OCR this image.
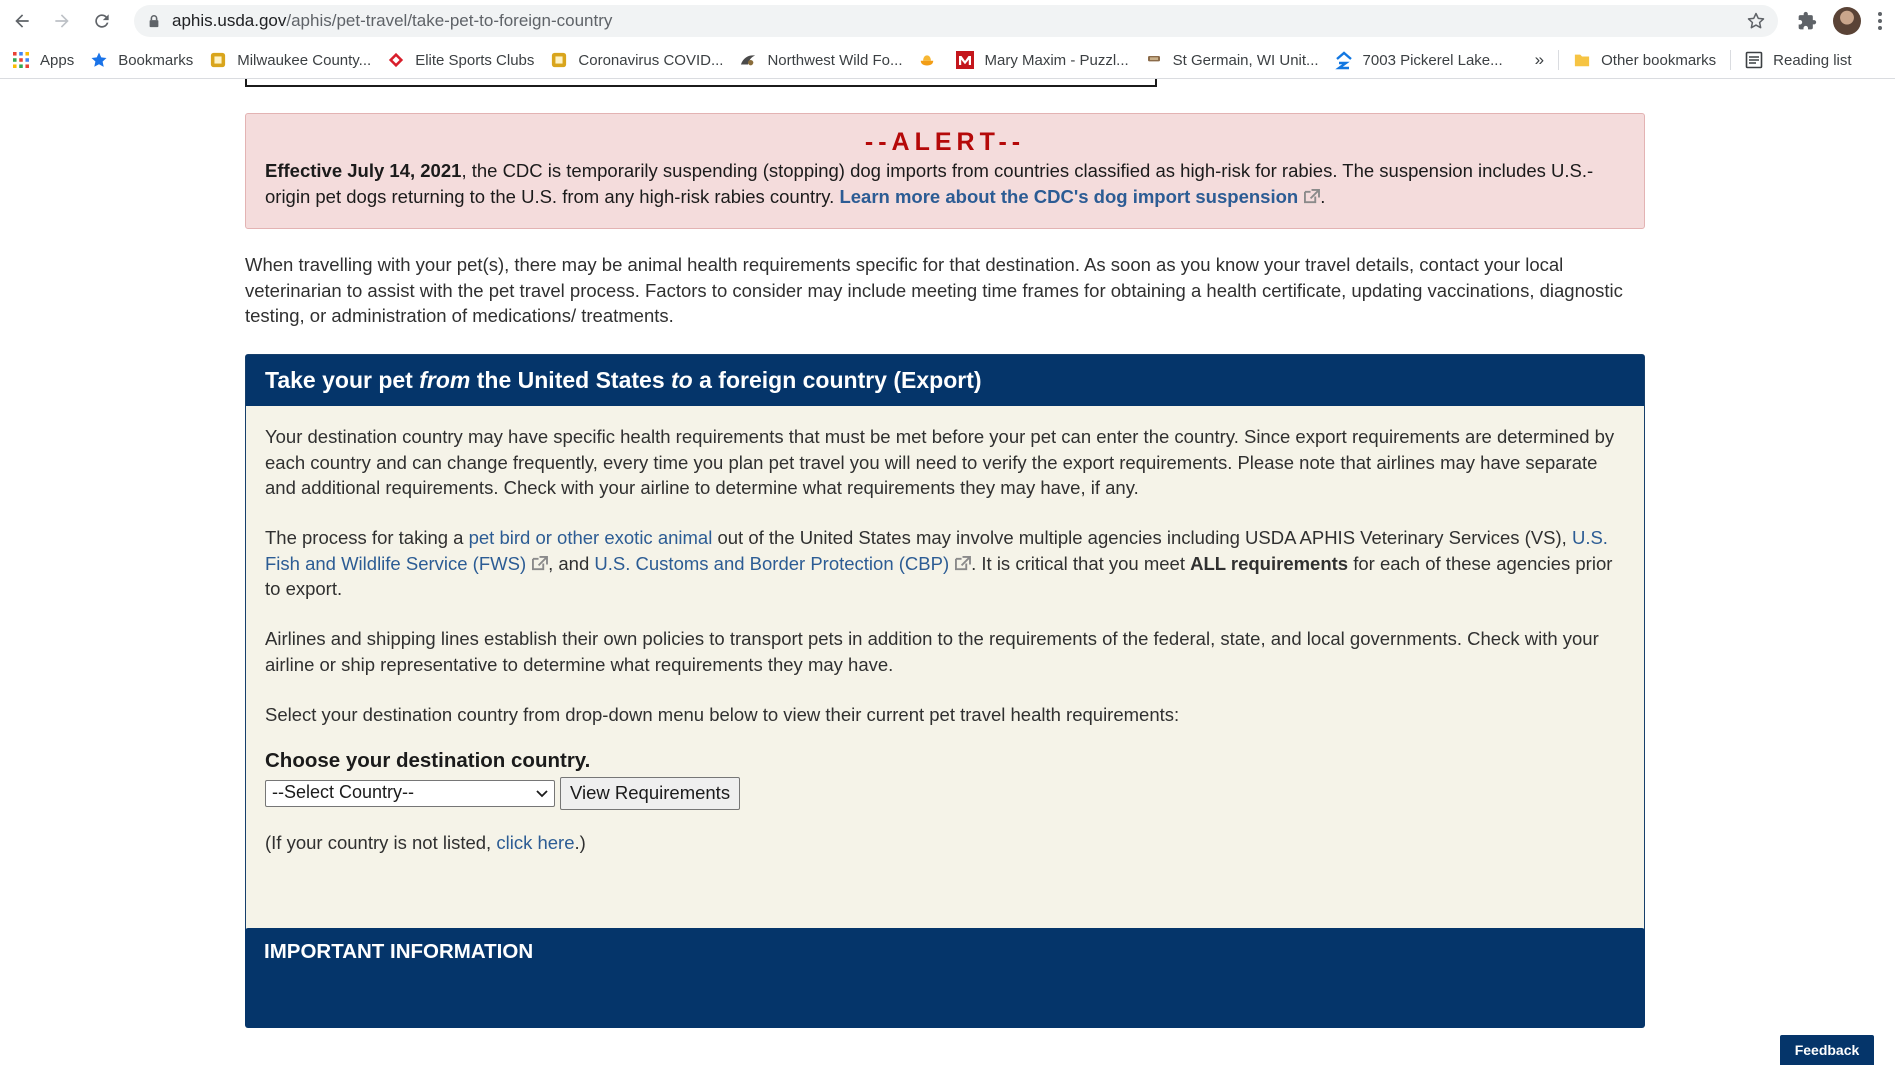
aphis.usda.gov/aphis/pet-travel/take-pet-to-foreign-country
Apps	Bookmarks	Milwaukee County...	Elite Sports Clubs	Coronavirus COVID...	Northwest Wild Fo...	Mary Maxim - Puzzl...	St Germain, WI Unit...	7003 Pickerel Lake... »	Other bookmarks	Reading list
--ALERT--
Effective July 14, 2021, the CDC is temporarily suspending (stopping) dog imports from countries classified as high-risk for rabies. The suspension includes U.S.-origin pet dogs returning to the U.S. from any high-risk rabies country. Learn more about the CDC's dog import suspension .
When travelling with your pet(s), there may be animal health requirements specific for that destination. As soon as you know your travel details, contact your local veterinarian to assist with the pet travel process. Factors to consider may include meeting time frames for obtaining a health certificate, updating vaccinations, diagnostic testing, or administration of medications/ treatments.
Take your pet from the United States to a foreign country (Export)

Your destination country may have specific health requirements that must be met before your pet can enter the country. Since export requirements are determined by each country and can change frequently, every time you plan pet travel you will need to verify the export requirements. Please note that airlines may have separate and additional requirements. Check with your airline to determine what requirements they may have, if any.

The process for taking a pet bird or other exotic animal out of the United States may involve multiple agencies including USDA APHIS Veterinary Services (VS), U.S. Fish and Wildlife Service (FWS) , and U.S. Customs and Border Protection (CBP) . It is critical that you meet ALL requirements for each of these agencies prior to export.

Airlines and shipping lines establish their own policies to transport pets in addition to the requirements of the federal, state, and local governments. Check with your airline or ship representative to determine what requirements they may have.

Select your destination country from drop-down menu below to view their current pet travel health requirements:

Choose your destination country.
--Select Country--	View Requirements
(If your country is not listed, click here.)
IMPORTANT INFORMATION
Feedback
